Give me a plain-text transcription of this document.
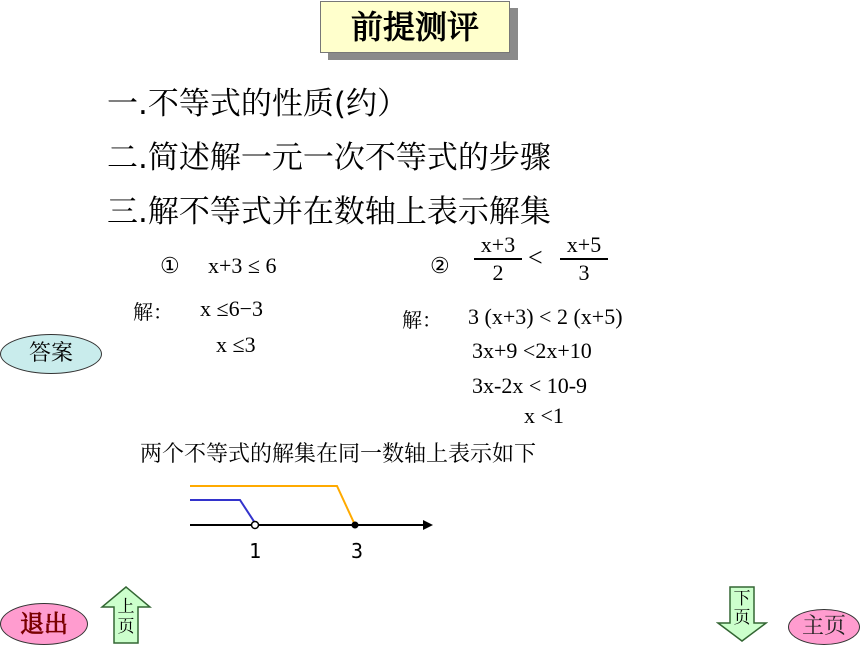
前提测评
一.不等式的性质(约）
二.简述解一元一次不等式的步骤
三.解不等式并在数轴上表示解集
① x+3 ≤ 6
解： x ≤6−3
x ≤3
②
x+3
2 <	x+5
3
解： 3 (x+3) < 2 (x+5)
3x+9 <2x+10
3x-2x < 10-9
x <1
两个不等式的解集在同一数轴上表示如下
1	3
答案
退出
上
页
下
页	主页
